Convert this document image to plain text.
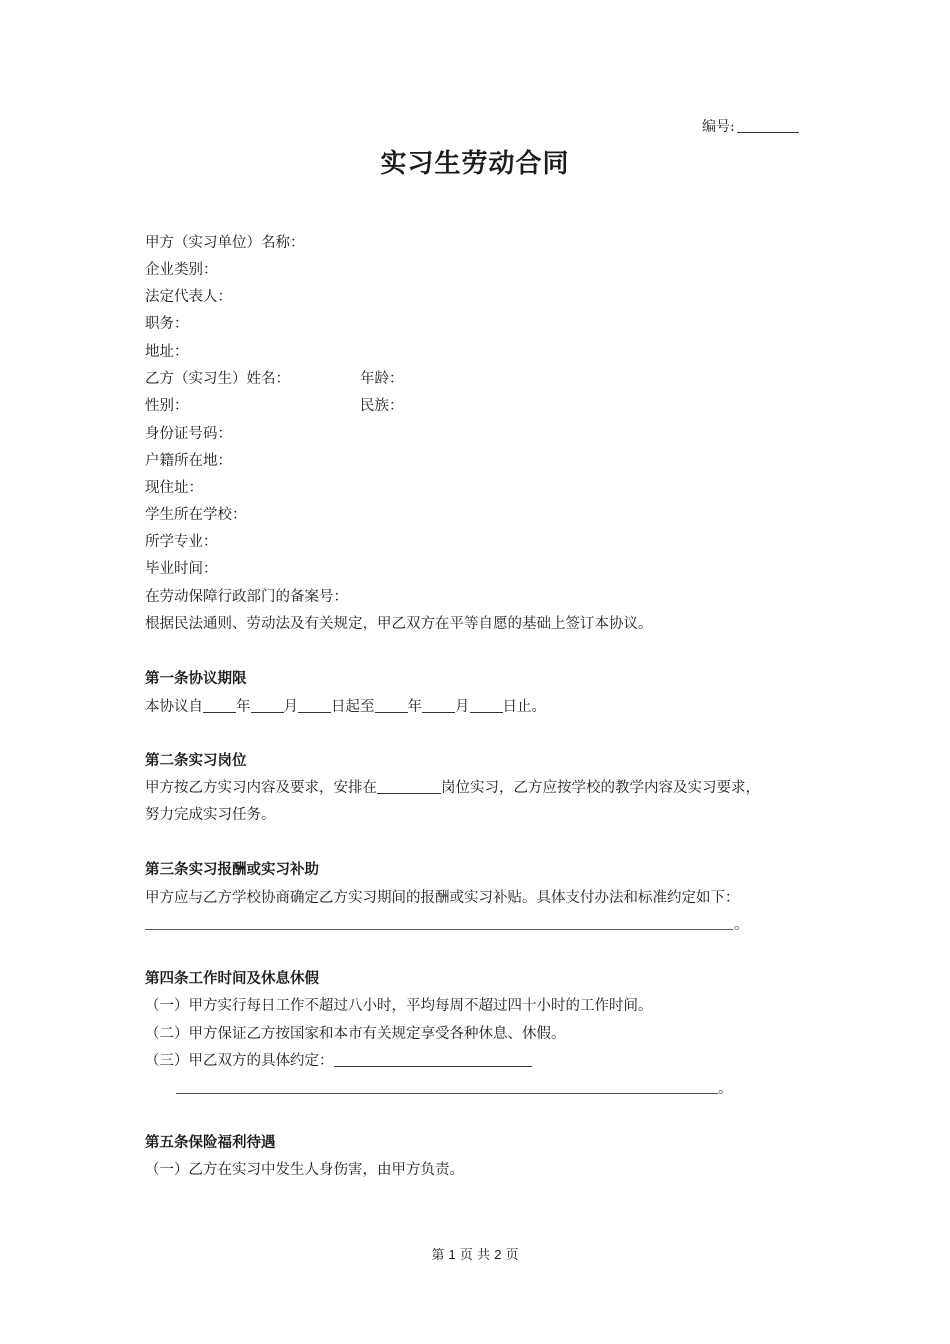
编号:
实习生劳动合同
甲方（实习单位）名称：
企业类别：
法定代表人：
职务：
地址：
乙方（实习生）姓名：	年龄：
性别：	民族：
身份证号码：
户籍所在地：
现住址：
学生所在学校：
所学专业：
毕业时间：
在劳动保障行政部门的备案号：
根据民法通则、劳动法及有关规定，甲乙双方在平等自愿的基础上签订本协议。
第一条协议期限
本协议自 年 月 日起至 年 月 日止。
第二条实习岗位
甲方按乙方实习内容及要求，安排在	岗位实习，乙方应按学校的教学内容及实习要求，
努力完成实习任务。
第三条实习报酬或实习补助
甲方应与乙方学校协商确定乙方实习期间的报酬或实习补贴。具体支付办法和标准约定如下：
。
第四条工作时间及休息休假
（一）甲方实行每日工作不超过八小时，平均每周不超过四十小时的工作时间。
（二）甲方保证乙方按国家和本市有关规定享受各种休息、休假。
（三）甲乙双方的具体约定：
。
第五条保险福利待遇
（一）乙方在实习中发生人身伤害，由甲方负责。
第 1 页 共 2 页
